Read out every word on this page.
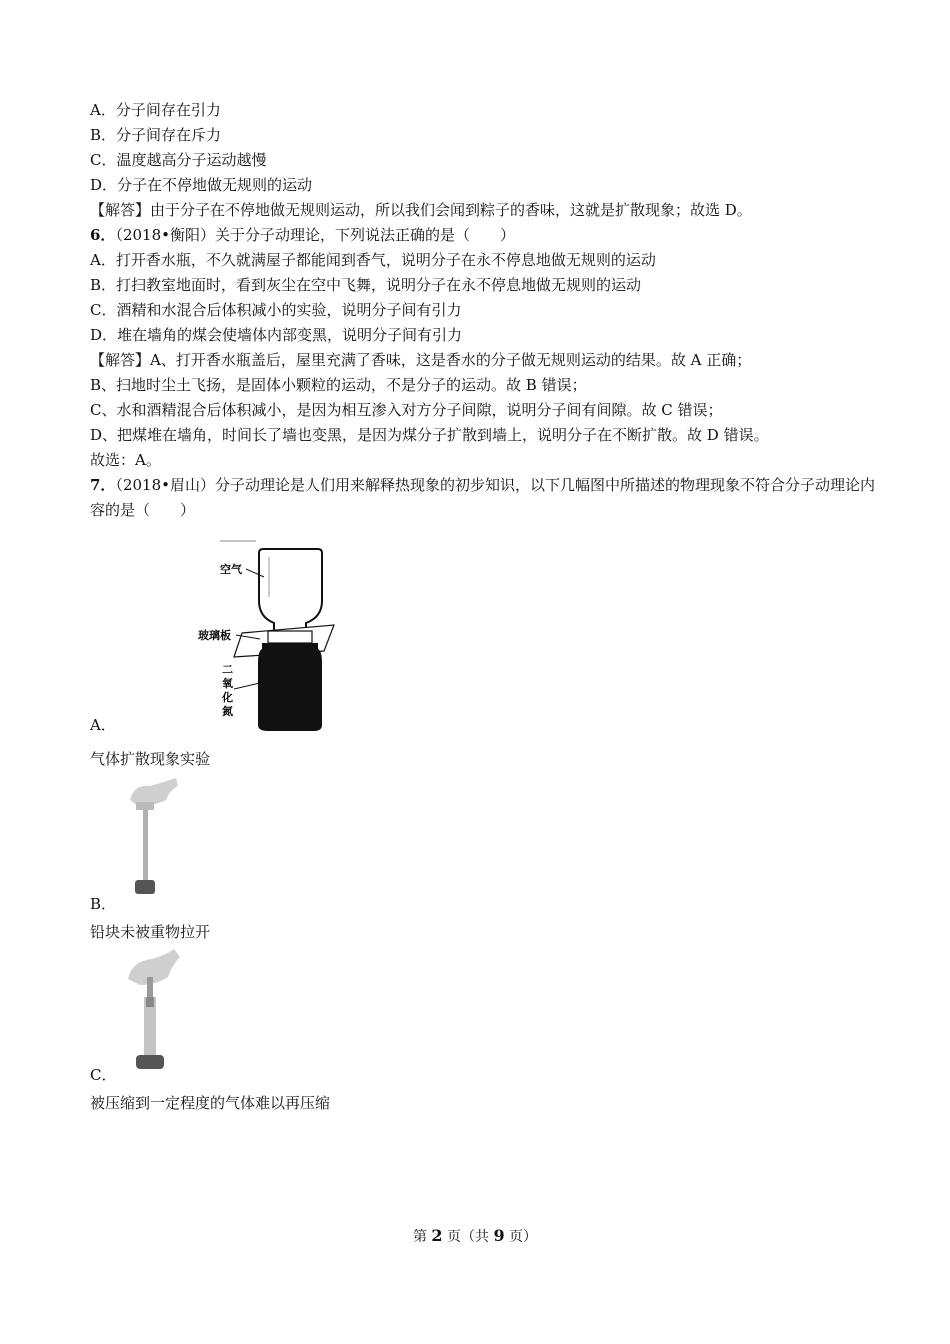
A．分子间存在引力

B．分子间存在斥力

C．温度越高分子运动越慢

D．分子在不停地做无规则的运动

【解答】由于分子在不停地做无规则运动，所以我们会闻到粽子的香味，这就是扩散现象；故选 D。

6．（2018•衡阳）关于分子动理论，下列说法正确的是（　　）

A．打开香水瓶，不久就满屋子都能闻到香气，说明分子在永不停息地做无规则的运动

B．打扫教室地面时，看到灰尘在空中飞舞，说明分子在永不停息地做无规则的运动

C．酒精和水混合后体积减小的实验，说明分子间有引力

D．堆在墙角的煤会使墙体内部变黑，说明分子间有引力

【解答】A、打开香水瓶盖后，屋里充满了香味，这是香水的分子做无规则运动的结果。故 A 正确；

B、扫地时尘土飞扬，是固体小颗粒的运动，不是分子的运动。故 B 错误；

C、水和酒精混合后体积减小，是因为相互渗入对方分子间隙，说明分子间有间隙。故 C 错误；

D、把煤堆在墙角，时间长了墙也变黑，是因为煤分子扩散到墙上，说明分子在不断扩散。故 D 错误。

故选：A。

7．（2018•眉山）分子动理论是人们用来解释热现象的初步知识，以下几幅图中所描述的物理现象不符合分子动理论内容的是（　　）

空气
玻璃板
二
氧
化
氮

A．

气体扩散现象实验

B．

铅块未被重物拉开

C．

被压缩到一定程度的气体难以再压缩

第 2 页（共 9 页）
